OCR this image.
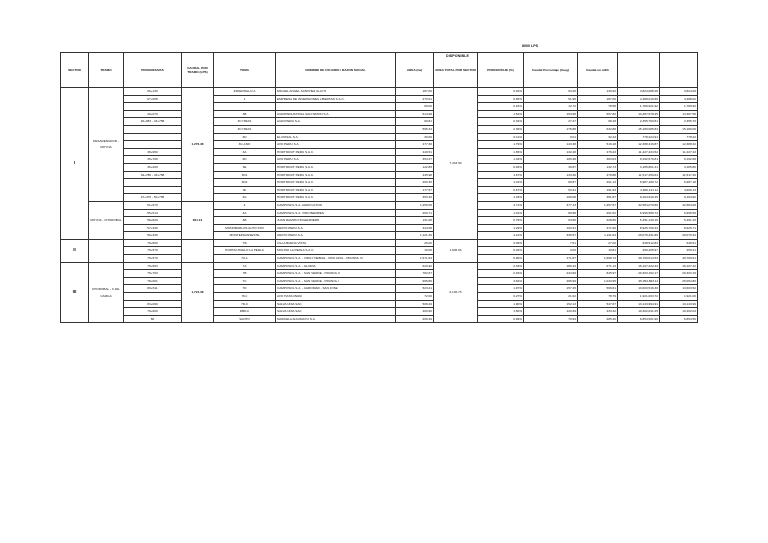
8000 LPS
DISPONIBLE
SECTOR	TRAMO	PROGRESIVAS	CAUDAL POR TRAMO (LPS)	TOMA	NOMBRE DE USUARIO / RAZON SOCIAL	AREA (ha)	AREA TOTAL POR SECTOR	PORCENTAJE (%)	Caudal Porcentaje (l/seg)	Caudal en m3/h		
I	DESARENADOR - MOYNA	06+130	1,276.38	INFIERNILLO A	MIGUEL ANGEL SANCHEZ ALAYO	187.00	7,434.60	0.94%	63.25	139.92	3,824,088.28	3,824.09
		07+058		1	EMPRESA DE INVERSIONES LIBERTAD S.A.C.	270.01		0.65%	51.95	187.00	4,488,016.86	4,488.02
						69.00		0.16%	12.72	78.58	1,789,921.92	1,789.92
		40+070		3B	AGROINDUSTRIAL SAN SIMON S.A.	514.08		1.54%	154.95	557.82	13,387,578.25	13,387.58
		40+953 - 43+758		3C HMAS	AGRI PERU S.A.	90.81		0.34%	27.27	98.18	2,355,760.81	2,355.76
				3C HMAS		595.34		2.39%	175.88	632.88	15,189,085.83	15,189.09
				3D	EL ROSAL S.A.	30.00		0.11%	9.01	32.43	778,224.91	778.22
				3C-ANO	AVO PERU S.A.	477.30		1.79%	143.38	516.18	12,388,316.87	12,388.32
		38+950		3A	HORTIFRUT PERU S.A.C.	440.51		1.65%	132.28	476.23	11,427,434.52	11,427.43
		35+760		3D	AVO PERU S.A.	354.37		1.33%	106.48	383.03	9,192,676.81	9,192.68
		36+260		3E	HORTIFRUT PERU S.A.C.	122.85		0.46%	36.87	132.73	3,185,801.41	3,185.80
		34+780 - 43+758		3D1	HORTIFRUT PERU S.A.C.	445.98		1.67%	133.30	479.88	11,517,259.64	11,517.26
				3D2	HORTIFRUT PERU S.A.C.	269.35		1.01%	80.87	291.13	6,987,180.72	6,987.18
				3F	HORTIFRUT PERU S.A.C.	177.57		0.67%	53.31	191.93	4,606,131.11	4,606.13
		47+470 - 50+795		3G	HORTIFRUT PERU S.A.C.	353.30		1.33%	106.08	381.87	9,164,919.45	9,164.92
	MOYNA - CHOROBAL	51+670	861.13	4	CAMPOSOL S.A. AGRICULTOR	1,256.09		4.71%	377.13	1,357.67	32,584,079.86	32,584.08
		55+514		4A	CAMPOSOL S.A. VIRO BERRIES	269.71		1.01%	80.98	291.52	6,996,589.73	6,996.59
		58+820		4B	JUAN RAMON HOGENDIERN	211.68		0.79%	63.56	228.80	5,491,149.16	5,491.15
		57+330		MONOBARLOS AUTO STR	ARATO PERU S.A.	344.08		1.29%	103.31	371.90	8,925,706.34	8,925.71
		59+330		MONTEFRANSESTE	ARATO PERU S.A.	1,121.30		4.21%	336.57	1,211.64	29,079,341.89	29,079.34
II		78+800		7/6	VILLA BUENA VISTA	25.00	1,606.63	0.09%	7.51	27.02	648,512.84	648.51
		75+570		PORTACHUELO LA PERLA	MOLINO LA PERLA S.A.C.	10.00		0.04%	3.00	10.81	259,405.97	259.41
		75+570		7A-1	CAMPOSOL S.A. - VIRGY NEBLIE - ORO AZUL - PRUNOL III	1,571.63		5.90%	471.87	1,698.73	40,769,614.53	40,769.61
III	CHOROBAL - C.DE. CAMGA	75+563	1,724.38	7A	CAMPOSOL S.A. - GLORIA	620.92	6,136.73	2.33%	186.43	671.13	16,107,222.33	16,107.22
		75+793		7B	CAMPOSOL S.A. - SAN VERDE - PRUNOL II	782.67		2.94%	234.99	845.97	20,303,152.17	20,303.15
		78+061		7C	CAMPOSOL S.A. - SAN VERDE - PRUNOL I	965.86		3.62%	289.99	1,043.95	25,054,863.11	25,054.86
		80+511		7D	CAMPOSOL S.A. - AGROMAR - SAN JOSE	523.21		1.97%	157.45	566.81	13,603,516.30	13,603.52
				7D-I	AVO HASS PERU	72.00		0.27%	21.62	78.79	1,921,003.72	1,921.00
		83+090		7D-II	SALVA UNIA SAC	508.49		1.90%	152.13	547.67	13,143,994.91	13,143.99
		79+600		DBD-II	SALVA UNIA SAC	400.90		1.50%	120.39	433.42	10,402,041.45	10,402.04
		80		SANTO	MARCELA ALFAMAYO S.A.	266.29		0.99%	79.93	285.40	6,854,561.90	6,854.56
